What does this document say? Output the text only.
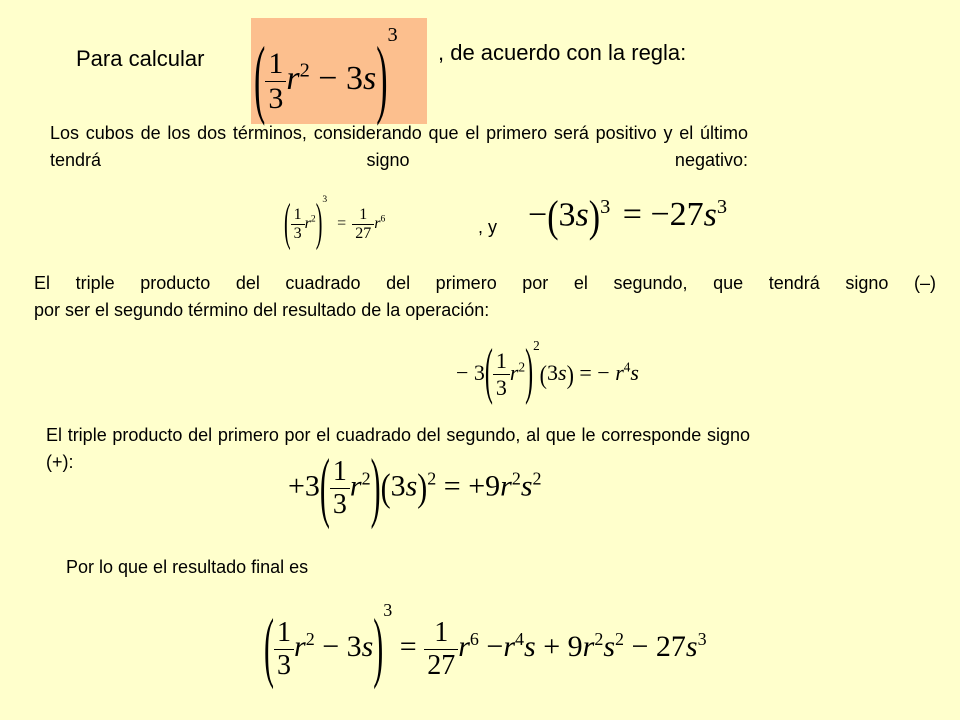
Para calcular ( $\frac{1}{3} r^2 - 3s)^3$
, de acuerdo con la regla:
Los cubos de los dos términos, considerando que el primero será positivo y el último tendrá signo negativo:
( $\frac{1}{3} r^2)^3 = \frac{1}{27} r^6$	, $y -(3s)^3 = -27s^3$
El triple producto del cuadrado del primero por el segundo, que tendrá signo (–)
por ser el segundo término del resultado de la operación:
− $3( \frac{1}{3} r^2)^2(3s)$ = − $r^4s$
El triple producto del primero por el cuadrado del segundo, al que le corresponde signo (+):
$+3( \frac{1}{3} r^2)(3s)^2 = +9r^2s^2$
Por lo que el resultado final es
( $\frac{1}{3} r^2 - 3s)^3 = \frac{1}{27} r^6 -r^4s + 9r^2s^2 - 27s^3$
